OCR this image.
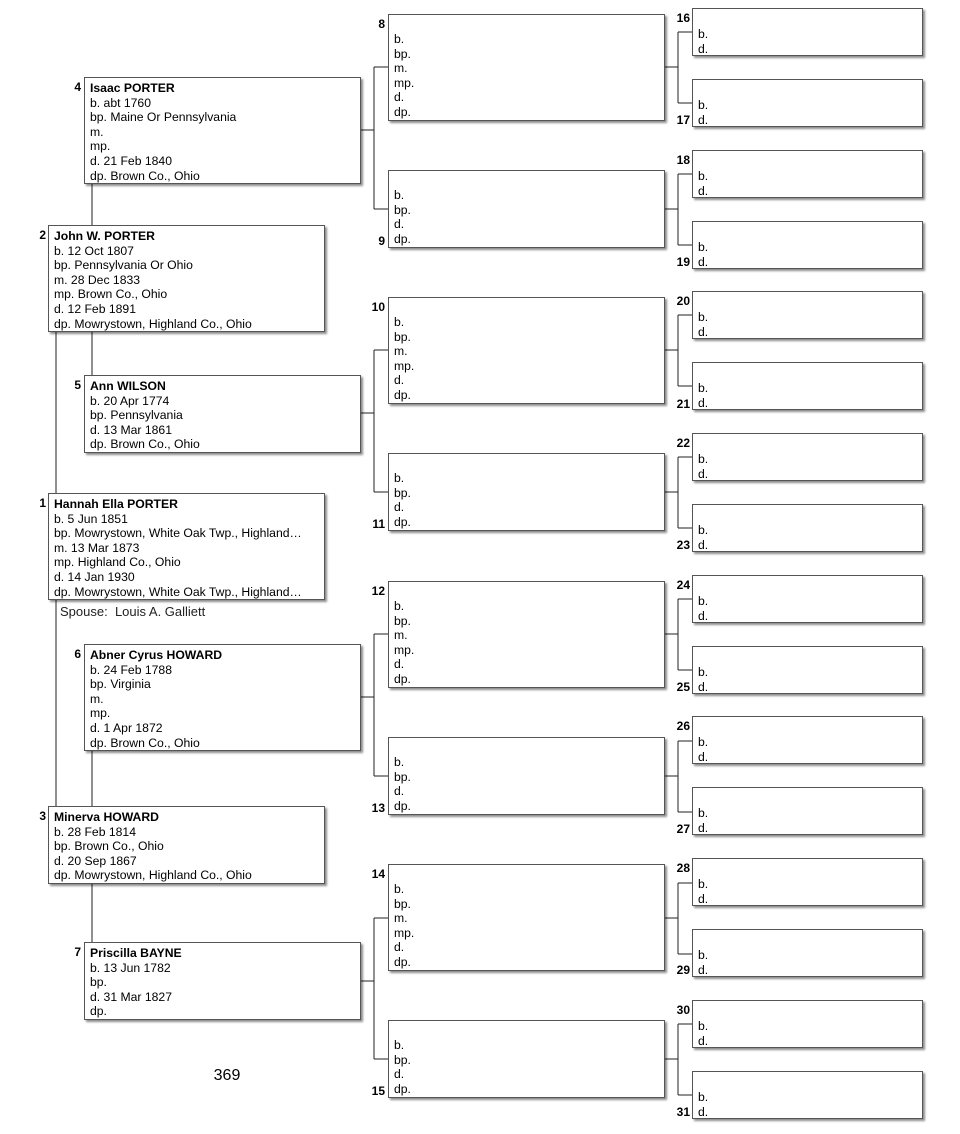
1 Hannah Ella PORTER
b. 5 Jun 1851
bp. Mowrystown, White Oak Twp., Highland…
m. 13 Mar 1873
mp. Highland Co., Ohio
d. 14 Jan 1930
dp. Mowrystown, White Oak Twp., Highland…
Spouse: Louis A. Galliett
2 John W. PORTER
b. 12 Oct 1807
bp. Pennsylvania Or Ohio
m. 28 Dec 1833
mp. Brown Co., Ohio
d. 12 Feb 1891
dp. Mowrystown, Highland Co., Ohio
3 Minerva HOWARD
b. 28 Feb 1814
bp. Brown Co., Ohio
d. 20 Sep 1867
dp. Mowrystown, Highland Co., Ohio
4 Isaac PORTER
b. abt 1760
bp. Maine Or Pennsylvania
m.
mp.
d. 21 Feb 1840
dp. Brown Co., Ohio
5 Ann WILSON
b. 20 Apr 1774
bp. Pennsylvania
d. 13 Mar 1861
dp. Brown Co., Ohio
6 Abner Cyrus HOWARD
b. 24 Feb 1788
bp. Virginia
m.
mp.
d. 1 Apr 1872
dp. Brown Co., Ohio
7 Priscilla BAYNE
b. 13 Jun 1782
bp.
d. 31 Mar 1827
dp.
8
b.
bp.
m.
mp.
d.
dp.
9
b.
bp.
d.
dp.
10
b.
bp.
m.
mp.
d.
dp.
11
b.
bp.
d.
dp.
12
b.
bp.
m.
mp.
d.
dp.
13
b.
bp.
d.
dp.
14
b.
bp.
m.
mp.
d.
dp.
15
b.
bp.
d.
dp.
16
b.
d.
17
b.
d.
18
b.
d.
19
b.
d.
20
b.
d.
21
b.
d.
22
b.
d.
23
b.
d.
24
b.
d.
25
b.
d.
26
b.
d.
27
b.
d.
28
b.
d.
29
b.
d.
30
b.
d.
31
b.
d.
369
